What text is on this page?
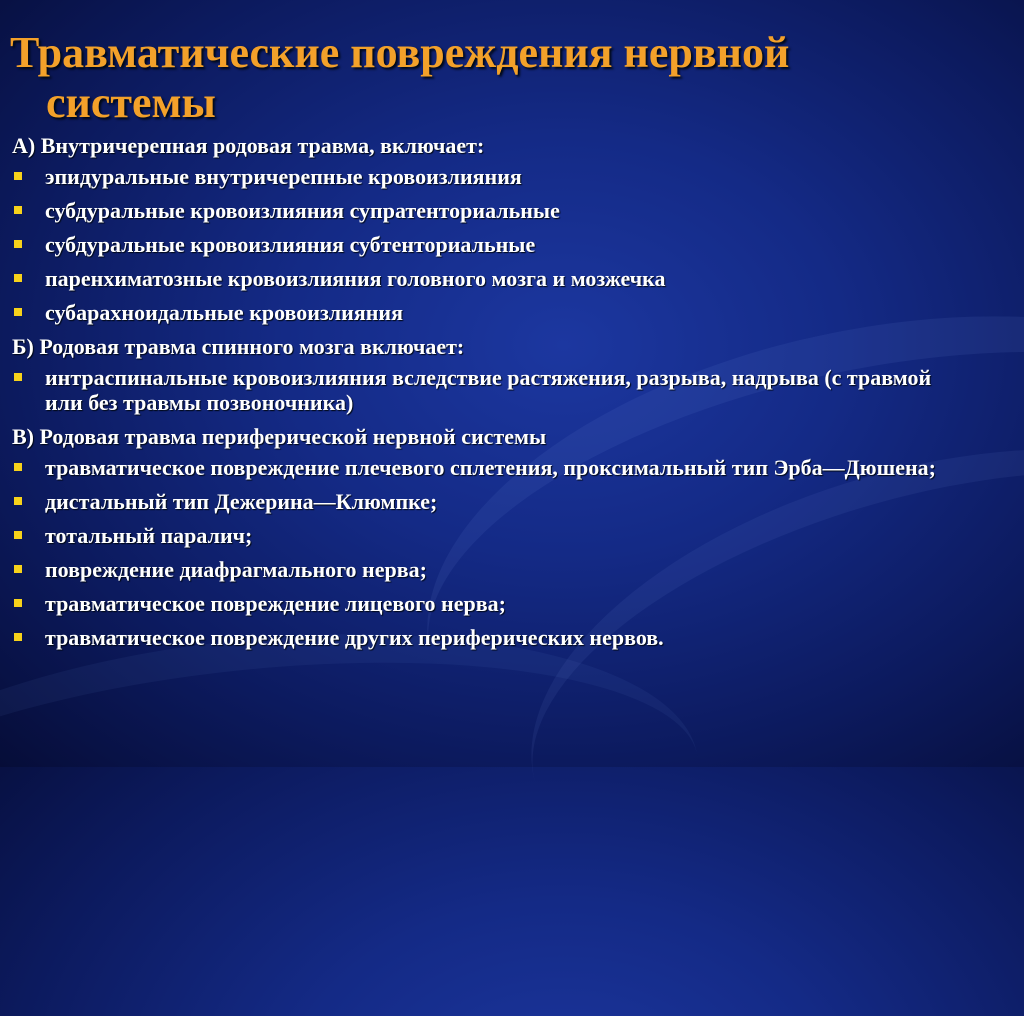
Травматические повреждения нервной
системы
А) Внутричерепная родовая травма, включает:
эпидуральные внутричерепные кровоизлияния
субдуральные кровоизлияния супратенториальные
субдуральные кровоизлияния субтенториальные
паренхиматозные кровоизлияния головного мозга и мозжечка
субарахноидальные кровоизлияния
Б) Родовая травма спинного мозга включает:
интраспинальные кровоизлияния вследствие растяжения, разрыва, надрыва (с травмой или без травмы позвоночника)
В) Родовая травма периферической нервной системы
травматическое повреждение плечевого сплетения, проксимальный тип Эрба—Дюшена;
дистальный тип Дежерина—Клюмпке;
тотальный паралич;
повреждение диафрагмального нерва;
травматическое повреждение лицевого нерва;
травматическое повреждение других периферических нервов.
